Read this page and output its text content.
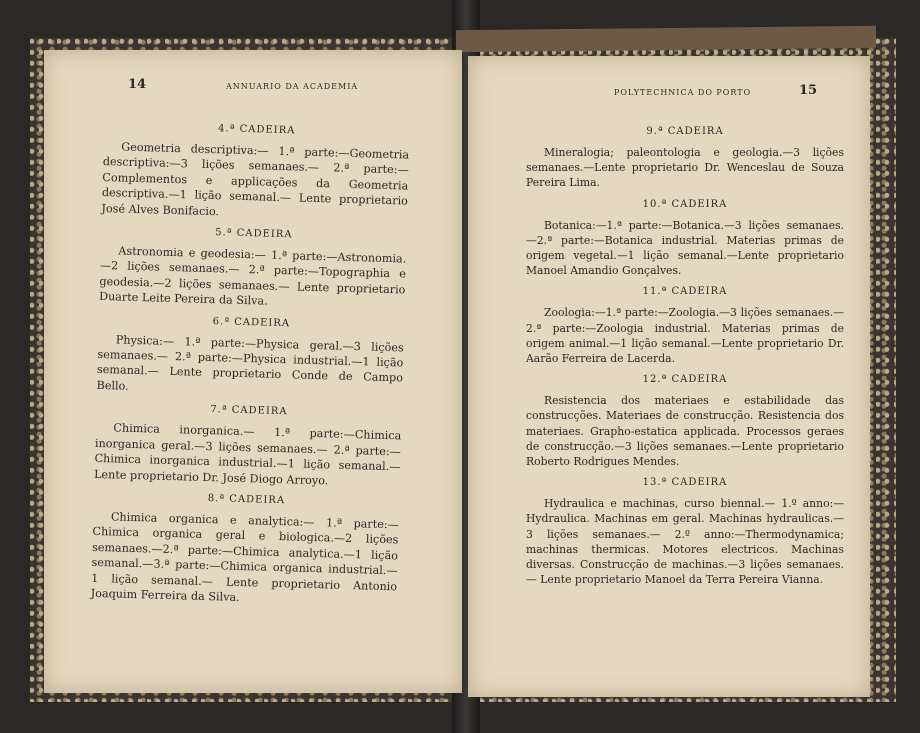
14	ANNUARIO DA ACADEMIA

4.ª CADEIRA

Geometria descriptiva:— 1.ª parte:—Geometria descriptiva:—3 lições semanaes.— 2.ª parte:—Complementos e applicações da Geometria descriptiva.—1 lição semanal.— Lente proprietario José Alves Bonifacio.

5.ª CADEIRA

Astronomia e geodesia:— 1.ª parte:—Astronomia.—2 lições semanaes.— 2.ª parte:—Topographia e geodesia.—2 lições semanaes.— Lente proprietario Duarte Leite Pereira da Silva.

6.ª CADEIRA

Physica:— 1.ª parte:—Physica geral.—3 lições semanaes.— 2.ª parte:—Physica industrial.—1 lição semanal.— Lente proprietario Conde de Campo Bello.

7.ª CADEIRA

Chimica inorganica.— 1.ª parte:—Chimica inorganica geral.—3 lições semanaes.— 2.ª parte:—Chimica inorganica industrial.—1 lição semanal.— Lente proprietario Dr. José Diogo Arroyo.

8.ª CADEIRA

Chimica organica e analytica:— 1.ª parte:—Chimica organica geral e biologica.—2 lições semanaes.—2.ª parte:—Chimica analytica.—1 lição semanal.—3.ª parte:—Chimica organica industrial.—1 lição semanal.— Lente proprietario Antonio Joaquim Ferreira da Silva.

POLYTECHNICA DO PORTO	15

9.ª CADEIRA

Mineralogia; paleontologia e geologia.—3 lições semanaes.—Lente proprietario Dr. Wenceslau de Souza Pereira Lima.

10.ª CADEIRA

Botanica:—1.ª parte:—Botanica.—3 lições semanaes.—2.ª parte:—Botanica industrial. Materias primas de origem vegetal.—1 lição semanal.—Lente proprietario Manoel Amandio Gonçalves.

11.ª CADEIRA

Zoologia:—1.ª parte:—Zoologia.—3 lições semanaes.—2.ª parte:—Zoologia industrial. Materias primas de origem animal.—1 lição semanal.—Lente proprietario Dr. Aarão Ferreira de Lacerda.

12.ª CADEIRA

Resistencia dos materiaes e estabilidade das construcções. Materiaes de construcção. Resistencia dos materiaes. Grapho-estatica applicada. Processos geraes de construcção.—3 lições semanaes.—Lente proprietario Roberto Rodrigues Mendes.

13.ª CADEIRA

Hydraulica e machinas, curso biennal.— 1.º anno:—Hydraulica. Machinas em geral. Machinas hydraulicas.—3 lições semanaes.— 2.º anno:—Thermodynamica; machinas thermicas. Motores electricos. Machinas diversas. Construcção de machinas.—3 lições semanaes.— Lente proprietario Manoel da Terra Pereira Vianna.
